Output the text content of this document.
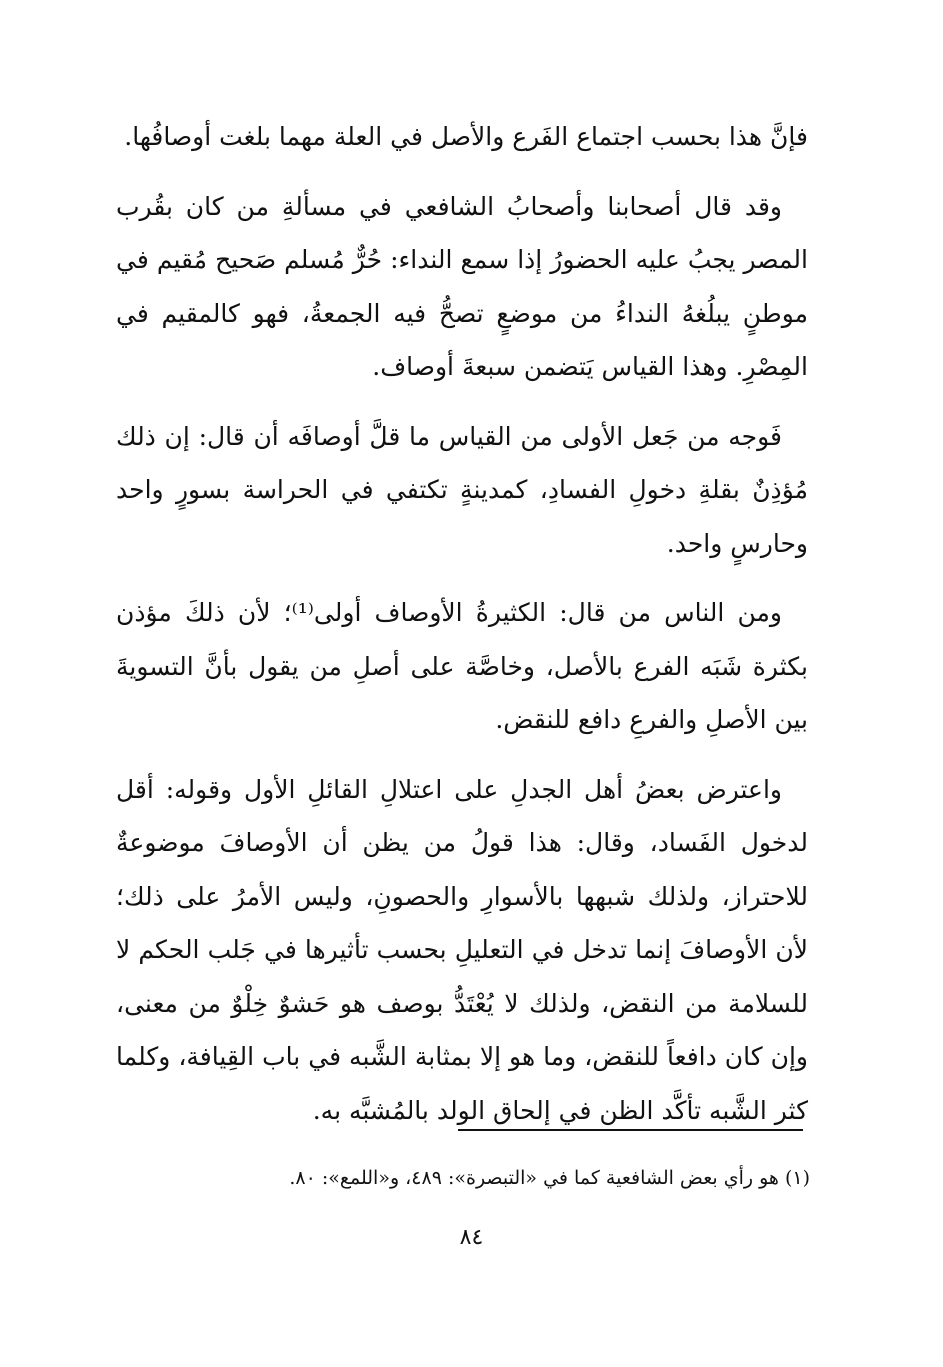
فإنَّ هذا بحسب اجتماع الفَرع والأصل في العلة مهما بلغت أوصافُها.

وقد قال أصحابنا وأصحابُ الشافعي في مسألةِ من كان بقُرب المصر يجبُ عليه الحضورُ إذا سمع النداء: حُرٌّ مُسلم صَحيح مُقيم في موطنٍ يبلُغهُ النداءُ من موضعٍ تصحُّ فيه الجمعةُ، فهو كالمقيم في المِصْرِ. وهذا القياس يَتضمن سبعةَ أوصاف.

فَوجه من جَعل الأولى من القياس ما قلَّ أوصافَه أن قال: إن ذلك مُؤذِنٌ بقلةِ دخولِ الفسادِ، كمدينةٍ تكتفي في الحراسة بسورٍ واحد وحارسٍ واحد.

ومن الناس من قال: الكثيرةُ الأوصاف أولى⁽¹⁾؛ لأن ذلكَ مؤذن بكثرة شَبَه الفرع بالأصل، وخاصَّة على أصلِ من يقول بأنَّ التسويةَ بين الأصلِ والفرعِ دافع للنقض.

واعترض بعضُ أهل الجدلِ على اعتلالِ القائلِ الأول وقوله: أقل لدخول الفَساد، وقال: هذا قولُ من يظن أن الأوصافَ موضوعةٌ للاحتراز، ولذلك شبهها بالأسوارِ والحصونِ، وليس الأمرُ على ذلك؛ لأن الأوصافَ إنما تدخل في التعليلِ بحسب تأثيرها في جَلب الحكم لا للسلامة من النقض، ولذلك لا يُعْتَدُّ بوصف هو حَشوٌ خِلْوٌ من معنى، وإن كان دافعاً للنقض، وما هو إلا بمثابة الشَّبه في باب القِيافة، وكلما كثر الشَّبه تأكَّد الظن في إلحاق الولد بالمُشبَّه به.

(١) هو رأي بعض الشافعية كما في «التبصرة»: ٤٨٩، و«اللمع»: ٨٠.
٨٤
